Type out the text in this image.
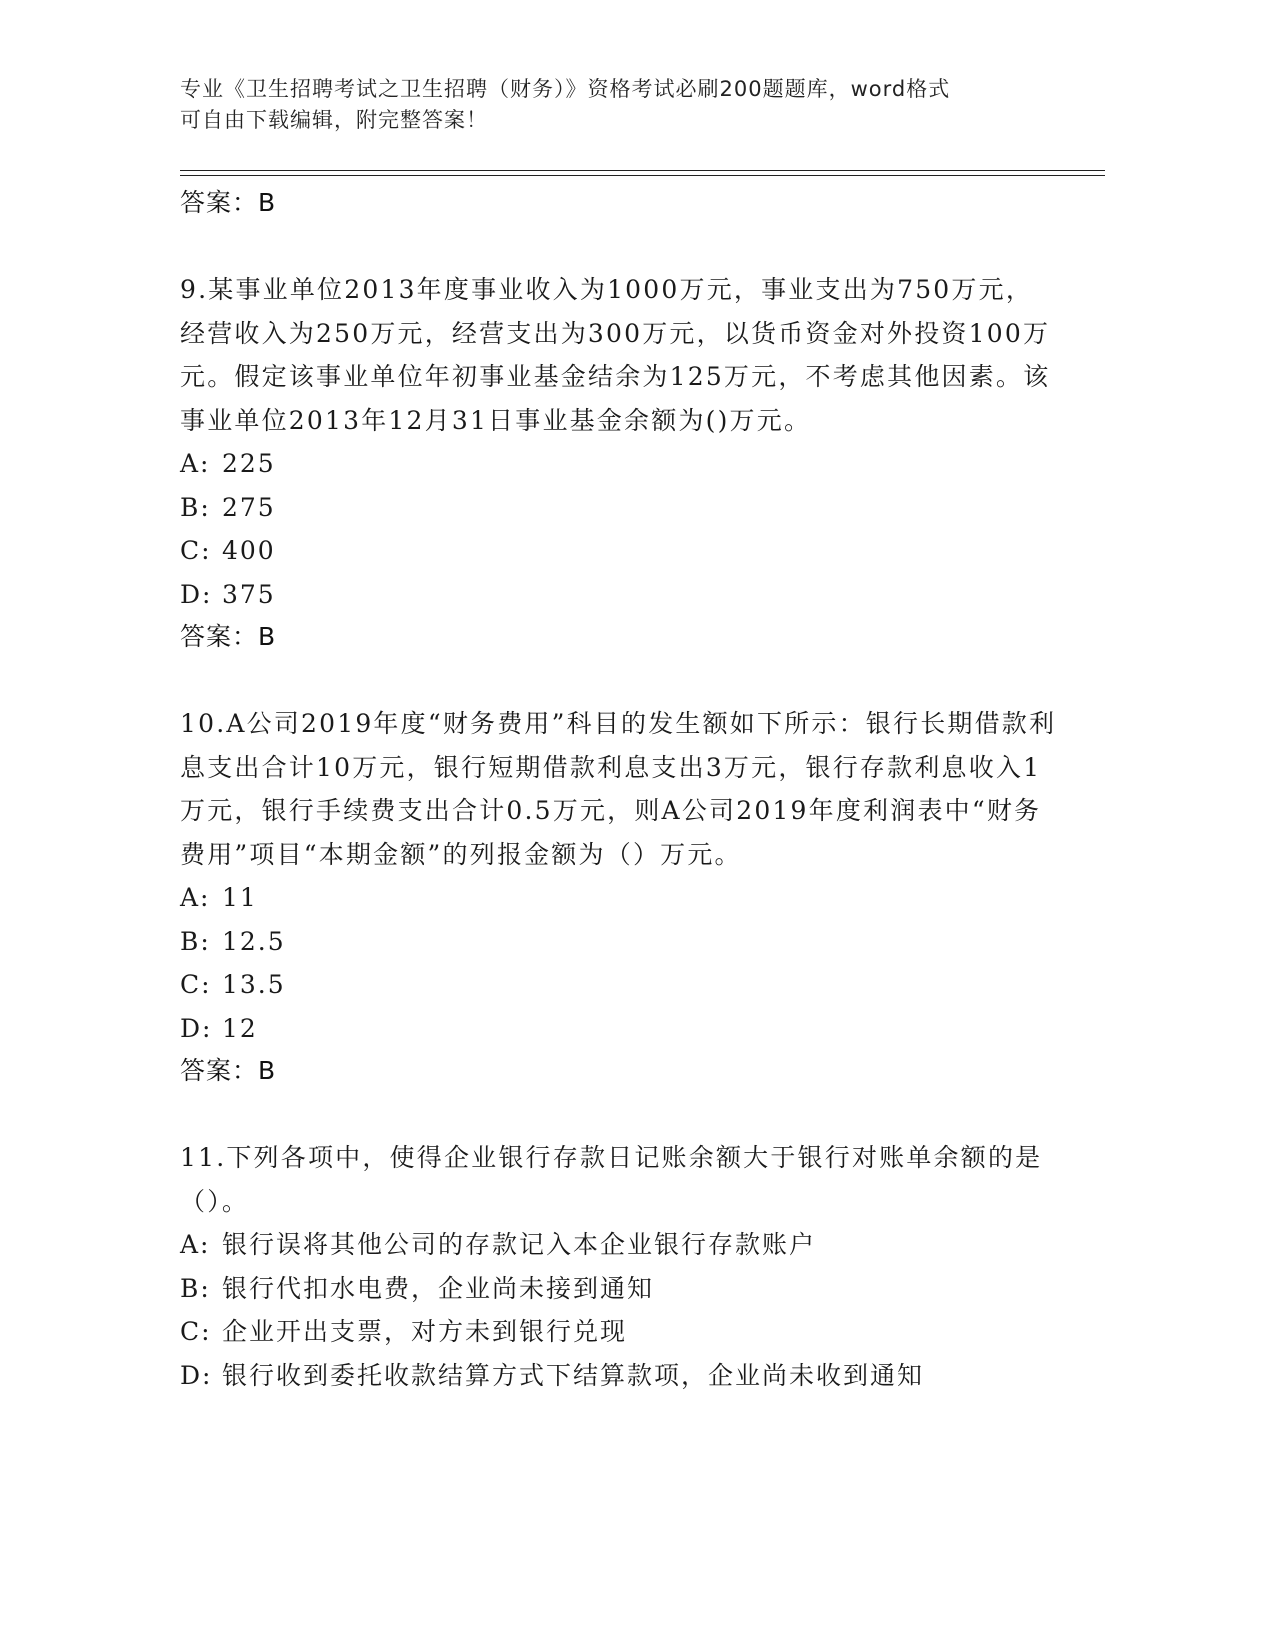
专业《卫生招聘考试之卫生招聘（财务）》资格考试必刷200题题库，word格式
可自由下载编辑，附完整答案！
答案：B
9.某事业单位2013年度事业收入为1000万元，事业支出为750万元，经营收入为250万元，经营支出为300万元，以货币资金对外投资100万元。假定该事业单位年初事业基金结余为125万元，不考虑其他因素。该事业单位2013年12月31日事业基金余额为()万元。
A: 225
B: 275
C: 400
D: 375
答案：B
10.A公司2019年度“财务费用”科目的发生额如下所示：银行长期借款利息支出合计10万元，银行短期借款利息支出3万元，银行存款利息收入1万元，银行手续费支出合计0.5万元，则A公司2019年度利润表中“财务费用”项目“本期金额”的列报金额为（）万元。
A: 11
B: 12.5
C: 13.5
D: 12
答案：B
11.下列各项中，使得企业银行存款日记账余额大于银行对账单余额的是（）。
A: 银行误将其他公司的存款记入本企业银行存款账户
B: 银行代扣水电费，企业尚未接到通知
C: 企业开出支票，对方未到银行兑现
D: 银行收到委托收款结算方式下结算款项，企业尚未收到通知
